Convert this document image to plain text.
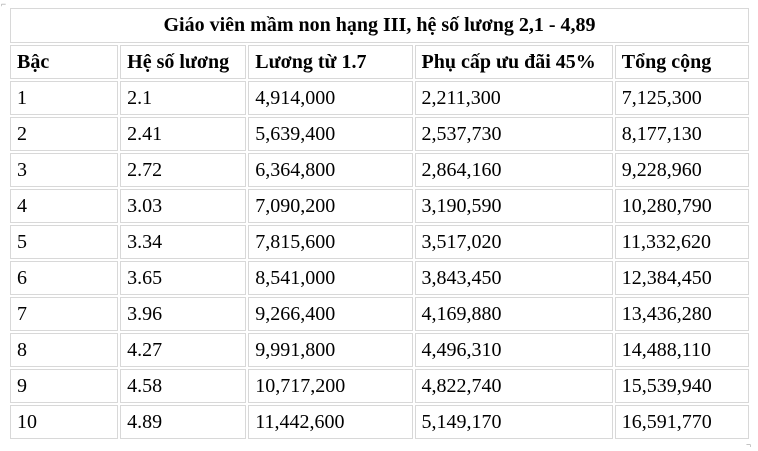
⌐
¬
Giáo viên mầm non hạng III, hệ số lương 2,1 - 4,89				
Bậc	Hệ số lương	Lương từ 1.7	Phụ cấp ưu đãi 45%	Tổng cộng
1	2.1	4,914,000	2,211,300	7,125,300
2	2.41	5,639,400	2,537,730	8,177,130
3	2.72	6,364,800	2,864,160	9,228,960
4	3.03	7,090,200	3,190,590	10,280,790
5	3.34	7,815,600	3,517,020	11,332,620
6	3.65	8,541,000	3,843,450	12,384,450
7	3.96	9,266,400	4,169,880	13,436,280
8	4.27	9,991,800	4,496,310	14,488,110
9	4.58	10,717,200	4,822,740	15,539,940
10	4.89	11,442,600	5,149,170	16,591,770
